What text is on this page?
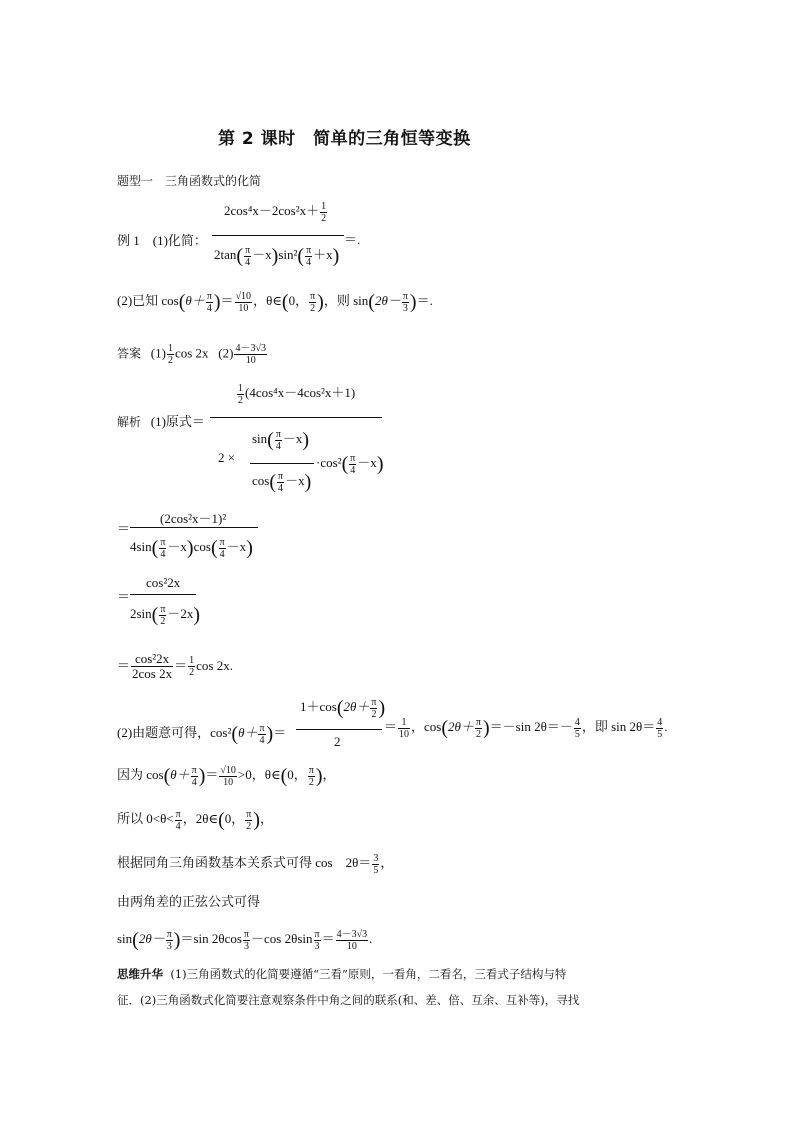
第 2 课时　简单的三角恒等变换
题型一　三角函数式的化简
例 1　(1)化简：
$2\cos^4x-2\cos^2x+ \frac{1}{2}$
$2\tan( \frac{\pi}{4} -x)\sin^2( \frac{\pi}{4} +x)$
＝.
(2)已知 $\cos(\theta+ \frac{\pi}{4}$ )＝ $\frac{√10}{10}$ ，θ∈(0， $\frac{\pi}{2}$ )，则 $\sin(2\theta- \frac{\pi}{3}$ )＝.
答案 $(1) \frac{1}{2}$ cos 2x $(2) \frac{4-3√3}{10}$
解析 (1)原式＝
$\frac{1}{2} (4\cos^4x-4\cos^2x+1)$
2 ×
$\sin( \frac{\pi}{4} -x)$
$\cos( \frac{\pi}{4} -x)$
$\cdot\cos^2( \frac{\pi}{4} -x)$
＝
(2cos²x－1)²
$4\sin( \frac{\pi}{4} -x)\cos( \frac{\pi}{4} -x)$
＝
cos²2x
$2\sin( \frac{\pi}{2} -2x)$
＝ $\frac{\text{cos²2x}}{2\cos 2x} = \frac{1}{2}$ cos 2x.
(2)由题意可得，$\cos^2(\theta+ \frac{\pi}{4}$ )＝
$1+\cos(2\theta+ \frac{\pi}{2}$ )
2
＝ $\frac{1}{10}$ ，$\cos(2\theta+ \frac{\pi}{2} )=-\sin$ $2\theta=- \frac{4}{5}$ ，即 $\sin 2\theta= \frac{4}{5}$ .
因为 $\cos(\theta+ \frac{\pi}{4}$ )＝ $\frac{√10}{10} >0$，θ∈(0， $\frac{\pi}{2}$ )，
所以 $0<\theta< \frac{\pi}{4}$ ，2θ∈(0， $\frac{\pi}{2}$ )，
根据同角三角函数基本关系式可得 cos　$2\theta= \frac{3}{5}$ ，
由两角差的正弦公式可得
$\sin(2\theta- \frac{\pi}{3} )=\sin$ $2\theta\cos \frac{\pi}{3} -\cos$ $2\theta\sin \frac{\pi}{3} = \frac{4-3√3}{10}$ .
思维升华 (1)三角函数式的化简要遵循“三看”原则，一看角，二看名，三看式子结构与特
征．(2)三角函数式化简要注意观察条件中角之间的联系(和、差、倍、互余、互补等)，寻找
